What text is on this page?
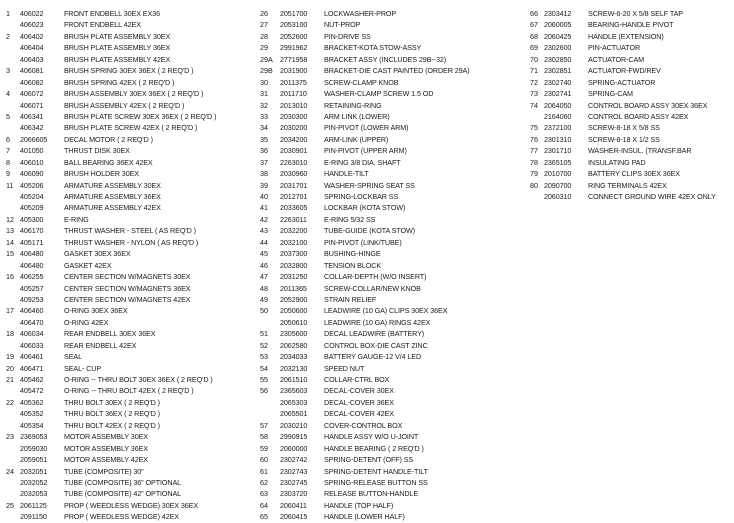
1	406022	FRONT ENDBELL 30EX EX36
406023	FRONT ENDBELL 42EX
2	406402	BRUSH PLATE ASSEMBLY 30EX
406404	BRUSH PLATE ASSEMBLY 36EX
406403	BRUSH PLATE ASSEMBLY 42EX
3	406081	BRUSH SPRING 30EX 36EX ( 2 REQ'D )
406082	BRUSH SPRING 42EX ( 2 REQ'D )
4	406072	BRUSH ASSEMBLY 30EX 36EX ( 2 REQ'D )
406071	BRUSH ASSEMBLY 42EX ( 2 REQ'D )
5	406341	BRUSH PLATE SCREW 30EX 36EX ( 2 REQ'D )
406342	BRUSH PLATE SCREW 42EX ( 2 REQ'D )
6	2066605	DECAL MOTOR ( 2 REQ'D )
7	401050	THRUST DISK 30EX
8	406010	BALL BEARING 36EX 42EX
9	406090	BRUSH HOLDER 30EX
11 405206	ARMATURE ASSEMBLY 30EX
405204	ARMATURE ASSEMBLY 36EX
405209	ARMATURE ASSEMBLY 42EX
12 405300	E-RING
13 406170	THRUST WASHER - STEEL ( AS REQ'D )
14 405171	THRUST WASHER - NYLON ( AS REQ'D )
15 406480	GASKET 30EX 36EX
406480	GASKET 42EX
16 406255	CENTER SECTION W/MAGNETS 30EX
405257	CENTER SECTION W/MAGNETS 36EX
409253	CENTER SECTION W/MAGNETS 42EX
17 406460	O-RING 30EX 36EX
406470	O-RING 42EX
18 406034	REAR ENDBELL 30EX 36EX
406033	REAR ENDBELL 42EX
19 406461	SEAL
20 406471	SEAL- CUP
21 405462	O-RING -- THRU BOLT 30EX 36EX ( 2 REQ'D )
405472	O-RING -- THRU BOLT 42EX ( 2 REQ'D )
22 405362	THRU BOLT 30EX ( 2 REQ'D )
405352	THRU BOLT 36EX ( 2 REQ'D )
405354	THRU BOLT 42EX ( 2 REQ'D )
23 2369053	MOTOR ASSEMBLY 30EX
2059030	MOTOR ASSEMBLY 36EX
2059051	MOTOR ASSEMBLY 42EX
24 2032051	TUBE (COMPOSITE) 30"
2032052	TUBE (COMPOSITE) 36" OPTIONAL
2032053	TUBE (COMPOSITE) 42" OPTIONAL
25 2061125	PROP ( WEEDLESS WEDGE) 30EX 36EX
2091150	PROP ( WEEDLESS WEDGE) 42EX
26	2051700	LOCKWASHER-PROP
27	2053100	NUT-PROP
28	2052600	PIN-DRIVE SS
29	2991962	BRACKET-KOTA STOW-ASSY
29A	2771958	BRACKET ASSY (INCLUDES 29B--32)
29B	2031900	BRACKET-DIE CAST PAINTED (ORDER 29A)
30	2011375	SCREW-CLAMP KNOB
31	2011710	WASHER-CLAMP SCREW 1.5 OD
32	2013010	RETAINING-RING
33	2030300	ARM LINK (LOWER)
34	2030200	PIN-PIVOT (LOWER ARM)
35	2034200	ARM-LINK (UPPER)
36	2030901	PIN-PIVOT (UPPER ARM)
37	2263010	E-RING 3/8 DIA. SHAFT
38	2030960	HANDLE-TILT
39	2031701	WASHER-SPRING SEAT SS
40	2012701	SPRING-LOCKBAR SS
41	2033605	LOCKBAR (KOTA STOW)
42	2263011	E-RING 5/32 SS
43	2032200	TUBE-GUIDE (KOTA STOW)
44	2032100	PIN-PIVOT (LINK/TUBE)
45	2037300	BUSHING-HINGE
46	2032800	TENSION BLOCK
47	2031250	COLLAR-DEPTH (W/O INSERT)
48	2011365	SCREW-COLLAR/NEW KNOB
49	2052900	STRAIN RELIEF
50	2050600	LEADWIRE (10 GA) CLIPS 30EX 36EX
2050610	LEADWIRE (10 GA) RINGS 42EX
51	2305600	DECAL LEADWIRE (BATTERY)
52	2062580	CONTROL BOX-DIE CAST ZINC
53	2034033	BATTERY GAUGE-12 V/4 LED
54	2032130	SPEED NUT
55	2061510	COLLAR-CTRL BOX
56	2365603	DECAL-COVER 30EX
2065303	DECAL-COVER 36EX
2065501	DECAL-COVER 42EX
57	2030210	COVER-CONTROL BOX
58	2990915	HANDLE ASSY W/O U-JOINT
59	2060000	HANDLE BEARING ( 2 REQ'D )
60	2302742	SPRING-DETENT (OFF) SS
61	2302743	SPRING-DETENT HANDLE-TILT
62	2302745	SPRING-RELEASE BUTTON SS
63	2303720	RELEASE BUTTON-HANDLE
64	2060411	HANDLE (TOP HALF)
65	2060415	HANDLE (LOWER HALF)
66 2303412	SCREW-6-20 X 5/8 SELF TAP
67 2060005	BEARING-HANDLE PIVOT
68 2060425	HANDLE (EXTENSION)
69 2302600	PIN-ACTUATOR
70 2302850	ACTUATOR-CAM
71 2302851	ACTUATOR-FWD/REV
72 2302740	SPRING-ACTUATOR
73 2302741	SPRING-CAM
74 2064050	CONTROL BOARD ASSY 30EX 36EX
2164060	CONTROL BOARD ASSY 42EX
75 2372100	SCREW-8-18 X 5/8 SS
76 2301310	SCREW-8-18 X 1/2 SS
77 2301710	WASHER-INSUL. (TRANSF.BAR
78 2365105	INSULATING PAD
79 2010700	BATTERY CLIPS 30EX 36EX
80 2090700	RING TERMINALS 42EX
2060310	CONNECT GROUND WIRE 42EX ONLY
